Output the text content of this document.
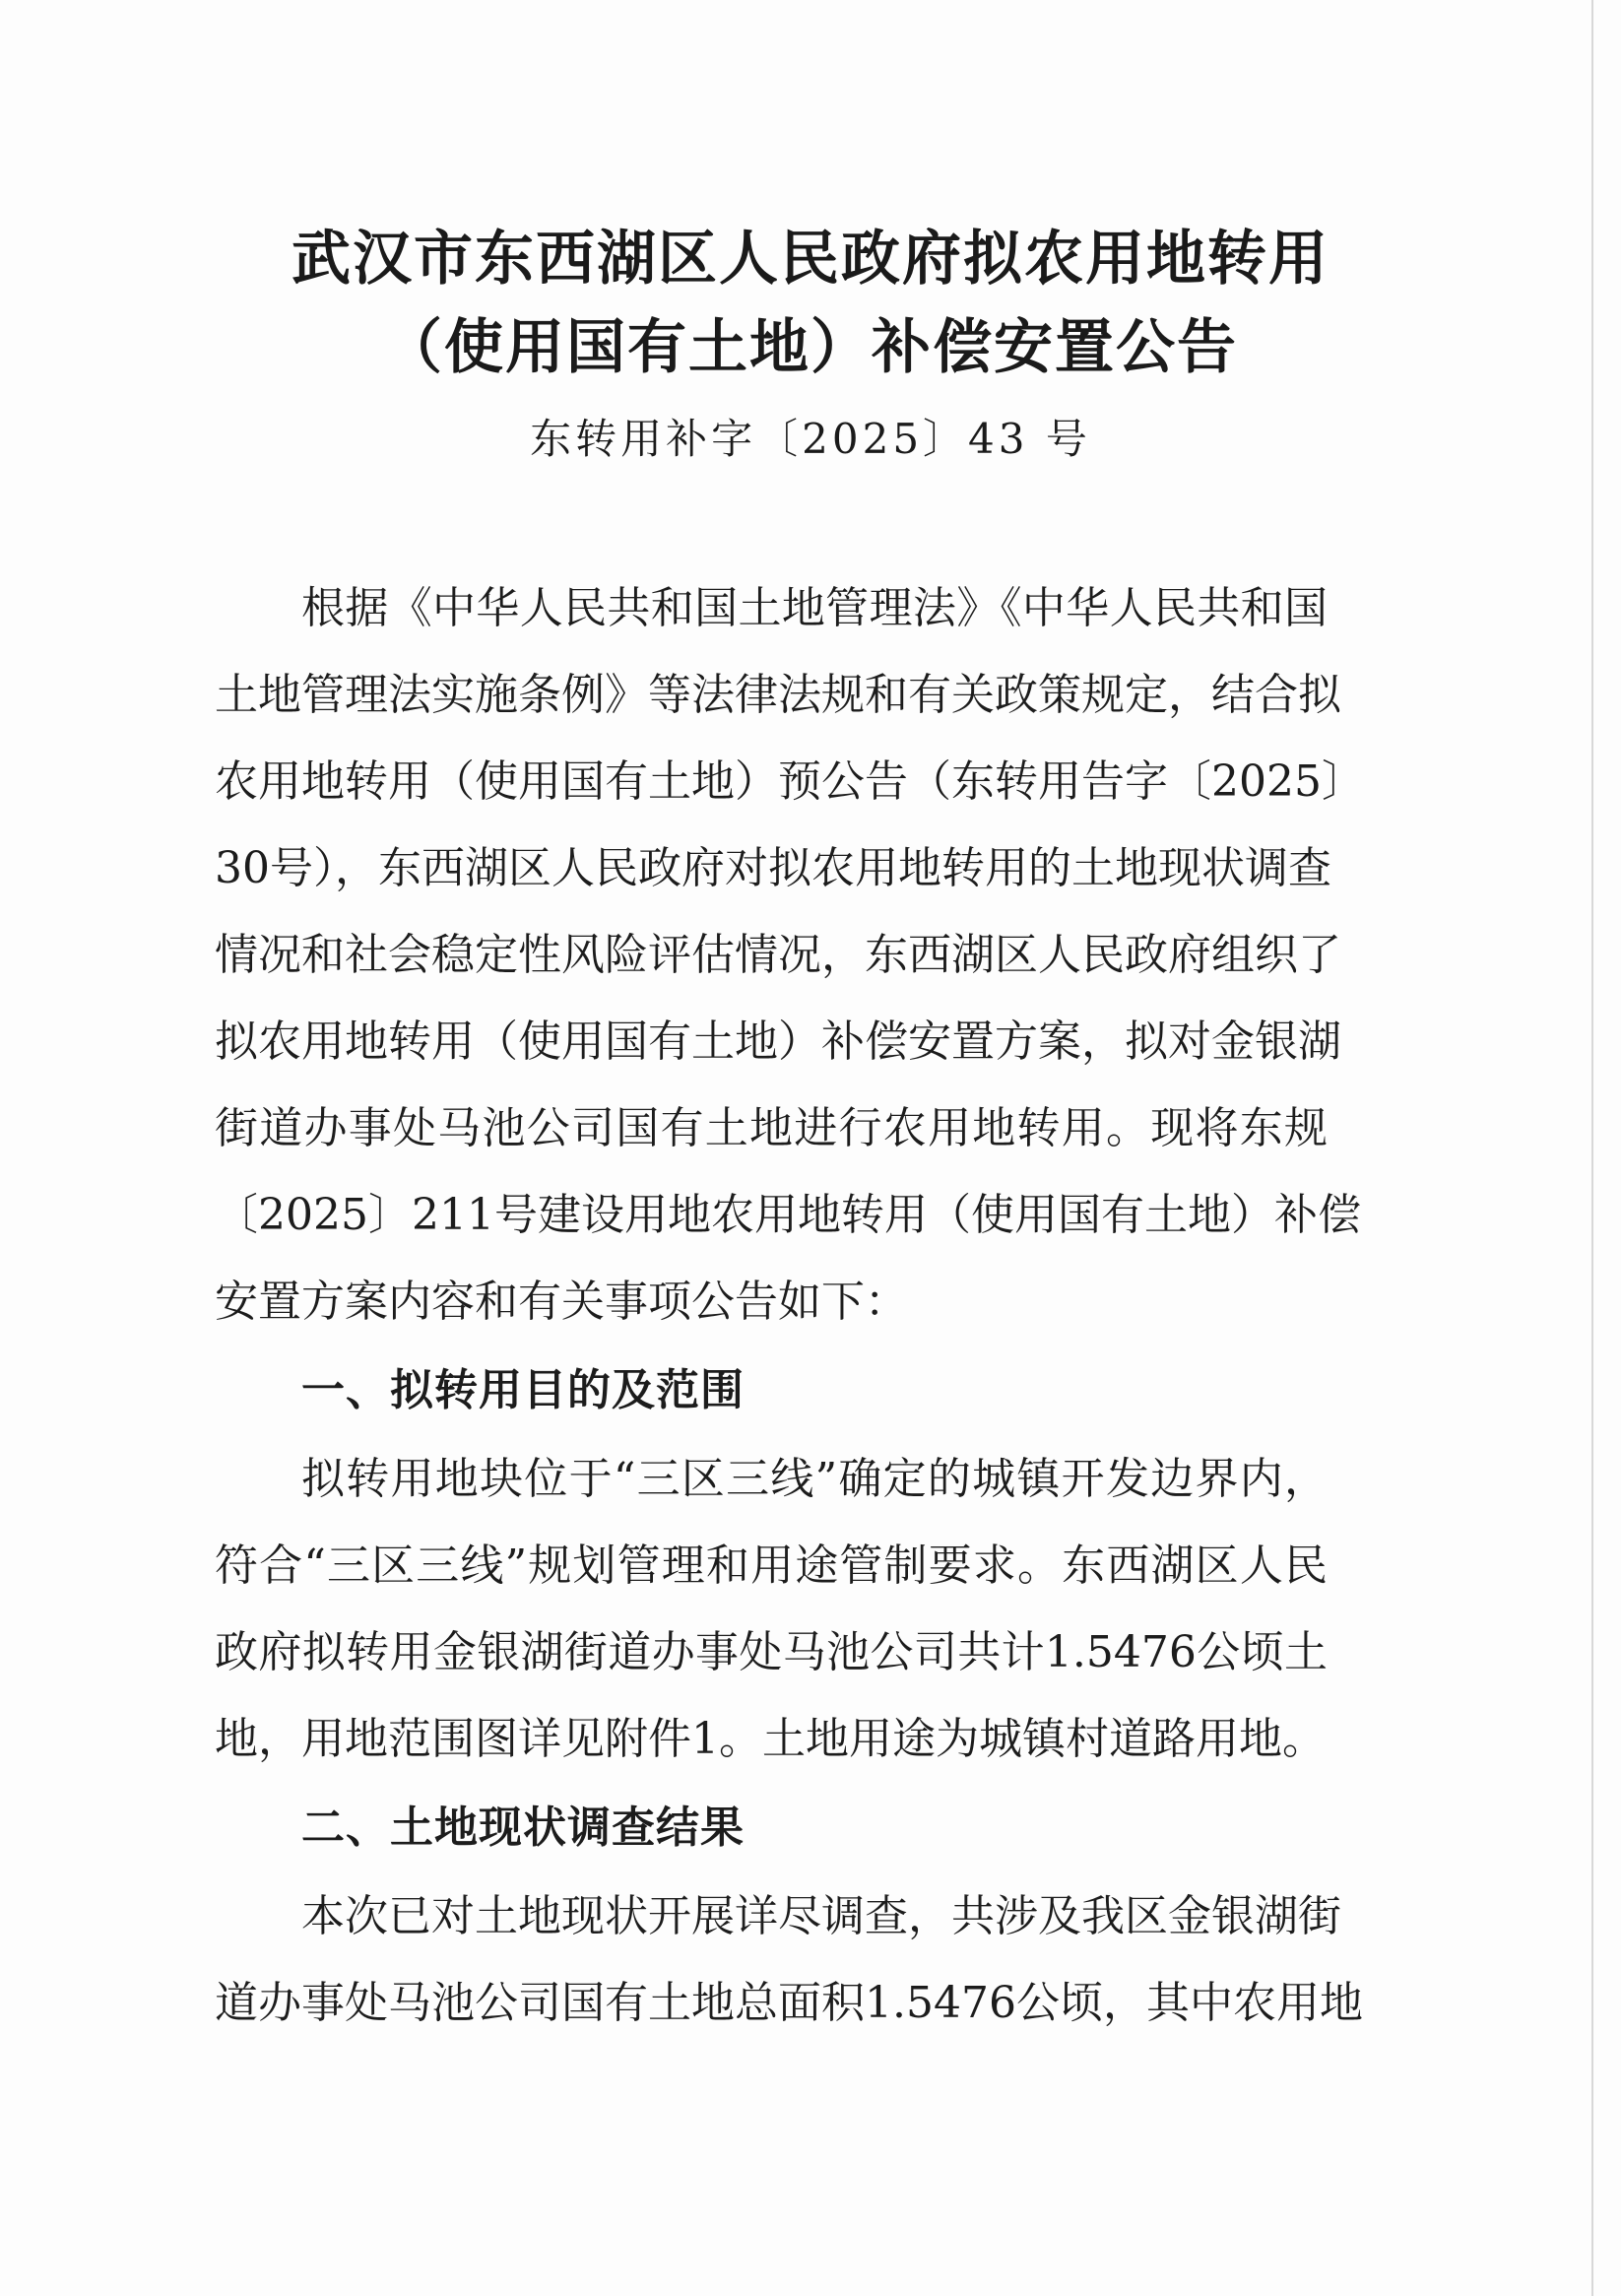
武汉市东西湖区人民政府拟农用地转用
（使用国有土地）补偿安置公告
东转用补字〔2025〕43 号
根据《中华人民共和国土地管理法》《中华人民共和国
土地管理法实施条例》等法律法规和有关政策规定，结合拟
农用地转用（使用国有土地）预公告（东转用告字〔2025〕
30号），东西湖区人民政府对拟农用地转用的土地现状调查
情况和社会稳定性风险评估情况，东西湖区人民政府组织了
拟农用地转用（使用国有土地）补偿安置方案，拟对金银湖
街道办事处马池公司国有土地进行农用地转用。现将东规
〔2025〕211号建设用地农用地转用（使用国有土地）补偿
安置方案内容和有关事项公告如下：
一、拟转用目的及范围
拟转用地块位于“三区三线”确定的城镇开发边界内，
符合“三区三线”规划管理和用途管制要求。东西湖区人民
政府拟转用金银湖街道办事处马池公司共计1.5476公顷土
地，用地范围图详见附件1。土地用途为城镇村道路用地。
二、土地现状调查结果
本次已对土地现状开展详尽调查，共涉及我区金银湖街
道办事处马池公司国有土地总面积1.5476公顷，其中农用地
